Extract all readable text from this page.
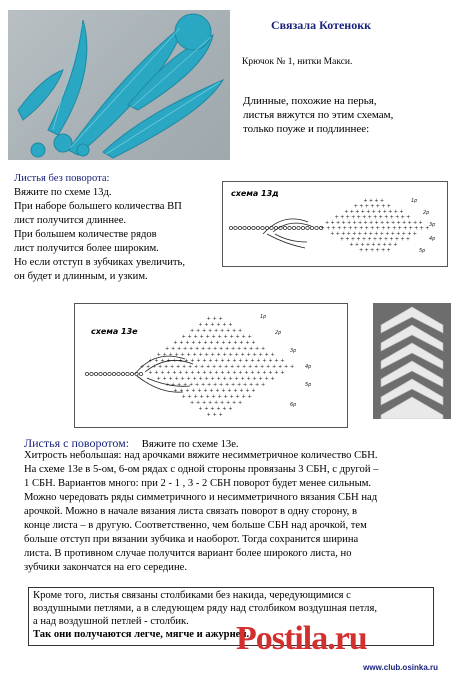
Связала Котенокк
Крючок № 1, нитки Макси.
Длинные, похожие на перья,
листья вяжутся по этим схемам,
только поуже и подлиннее:
Листья без поворота:
Вяжите по схеме 13д.
При наборе большего количества ВП
лист получится длиннее.
При большем количестве рядов
лист получится более широким.
Но если отступ в зубчиках увеличить,
он будет и длинным, и узким.
схема 13д
+ + + +
+ + + + + + +
+ + + + + + + + + + +
+ + + + + + + + + + + + + +
+ + + + + + + + + + + + + + + + + +
+ + + + + + + + + + + + + + + + + + + +
+ + + + + + + + + + + + + + + +
+ + + + + + + + + + + + +
+ + + + + + + + +
+ + + + + +
1р
2р
3р
4р
5р
схема 13е
+ + +
+ + + + + +
+ + + + + + + + +
+ + + + + + + + + + + +
+ + + + + + + + + + + + + +
+ + + + + + + + + + + + + + + + +
+ + + + + + + + + + + + + + + + + + + +
+ + + + + + + + + + + + + + + + + + + + + + +
+ + + + + + + + + + + + + + + + + + + + + + + + + +
+ + + + + + + + + + + + + + + + + + + + + + +
+ + + + + + + + + + + + + + + + + + + +
+ + + + + + + + + + + + + + + + +
+ + + + + + + + + + + + + +
+ + + + + + + + + + + +
+ + + + + + + + +
+ + + + + +
+ + +
1р
2р
3р
4р
5р
6р
Листья с поворотом: Вяжите по схеме 13е.
Хитрость небольшая: над арочками вяжите несимметричное количество СБН.
На схеме 13е в 5-ом, 6-ом рядах с одной стороны провязаны 3 СБН, с другой –
1 СБН. Вариантов много: при 2 - 1 , 3 - 2 СБН поворот будет менее сильным.
Можно чередовать ряды симметричного и несимметричного вязания СБН над
арочкой. Можно в начале вязания листа связать поворот в одну сторону, в
конце листа – в другую. Соответственно, чем больше СБН над арочкой, тем
больше отступ при вязании зубчика и наоборот. Тогда сохранится ширина
листа. В противном случае получится вариант более широкого листа, но
зубчики закончатся на его середине.
Кроме того, листья связаны столбиками без накида, чередующимися с
воздушными петлями, а в следующем ряду над столбиком воздушная петля,
а над воздушной петлей - столбик.
Так они получаются легче, мягче и ажурней.
Postila.ru
www.club.osinka.ru
